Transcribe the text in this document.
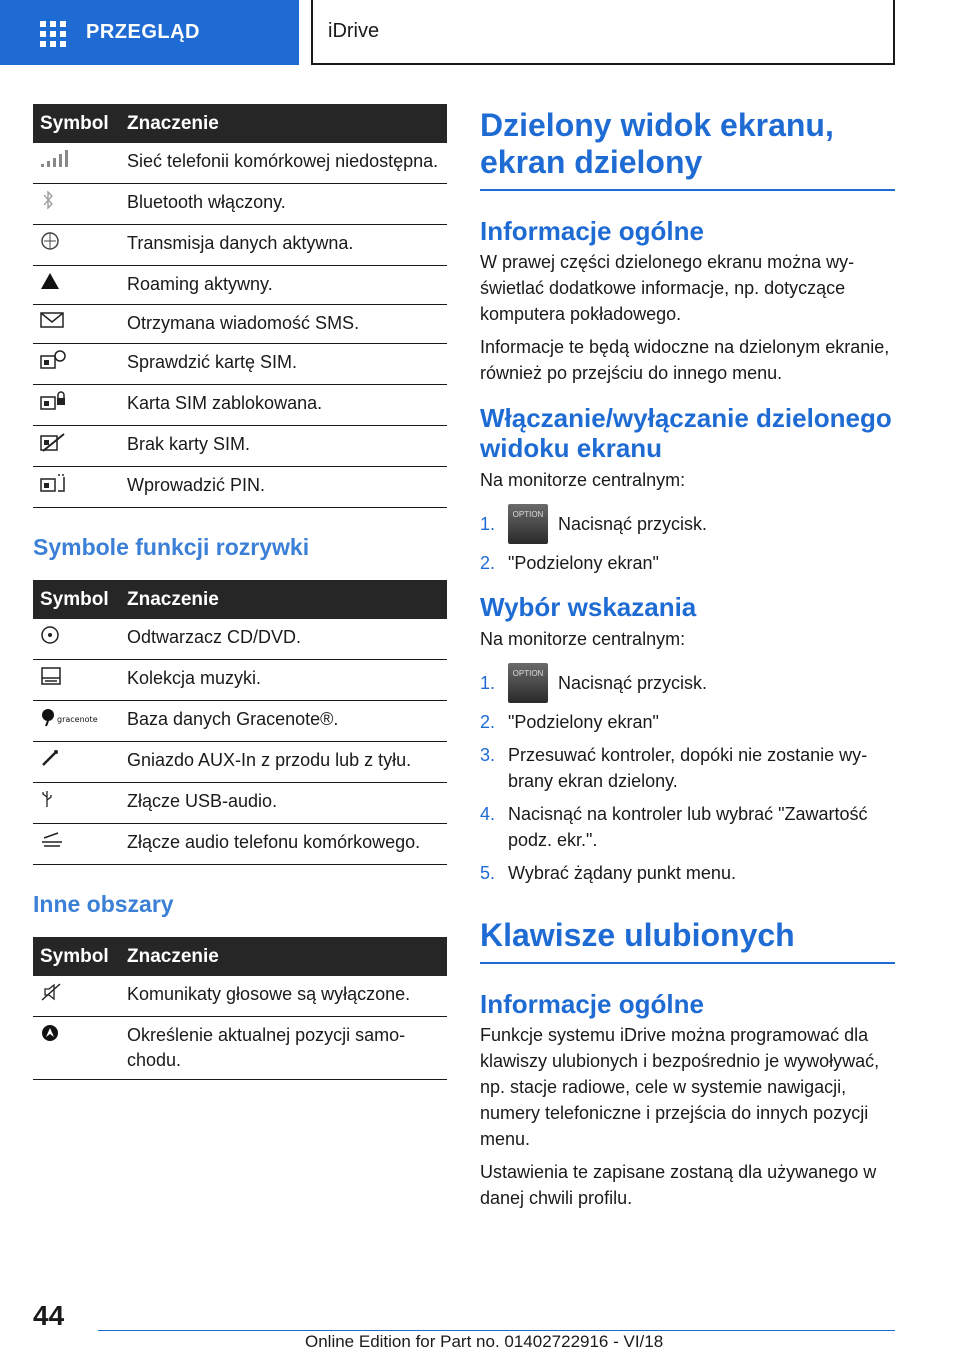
PRZEGLĄD	iDrive
Symbol	Znaczenie
	Sieć telefonii komórkowej niedostępna.
	Bluetooth włączony.
	Transmisja danych aktywna.
	Roaming aktywny.
	Otrzymana wiadomość SMS.
	Sprawdzić kartę SIM.
	Karta SIM zablokowana.
	Brak karty SIM.
	Wprowadzić PIN.
Symbole funkcji rozrywki
Symbol	Znaczenie
	Odtwarzacz CD/DVD.
	Kolekcja muzyki.

gracenote	Baza danych Gracenote®.
	Gniazdo AUX-In z przodu lub z tyłu.
	Złącze USB-audio.
	Złącze audio telefonu komórkowego.
Inne obszary
Symbol	Znaczenie
	Komunikaty głosowe są wyłączone.
	Określenie aktualnej pozycji samochodu.
Dzielony widok ekranu, ekran dzielony
Informacje ogólne
W prawej części dzielonego ekranu można wyświetlać dodatkowe informacje, np. dotyczące komputera pokładowego.
Informacje te będą widoczne na dzielonym ekranie, również po przejściu do innego menu.
Włączanie/wyłączanie dzielonego widoku ekranu
Na monitorze centralnym:
1.	OPTION Nacisnąć przycisk.
2. "Podzielony ekran"
Wybór wskazania
Na monitorze centralnym:
1.	OPTION Nacisnąć przycisk.
2. "Podzielony ekran"
3. Przesuwać kontroler, dopóki nie zostanie wybrany ekran dzielony.
4. Nacisnąć na kontroler lub wybrać "Zawartość podz. ekr.".
5. Wybrać żądany punkt menu.
Klawisze ulubionych
Informacje ogólne
Funkcje systemu iDrive można programować dla klawiszy ulubionych i bezpośrednio je wywoływać, np. stacje radiowe, cele w systemie nawigacji, numery telefoniczne i przejścia do innych pozycji menu.
Ustawienia te zapisane zostaną dla używanego w danej chwili profilu.
44
Online Edition for Part no. 01402722916 - VI/18
